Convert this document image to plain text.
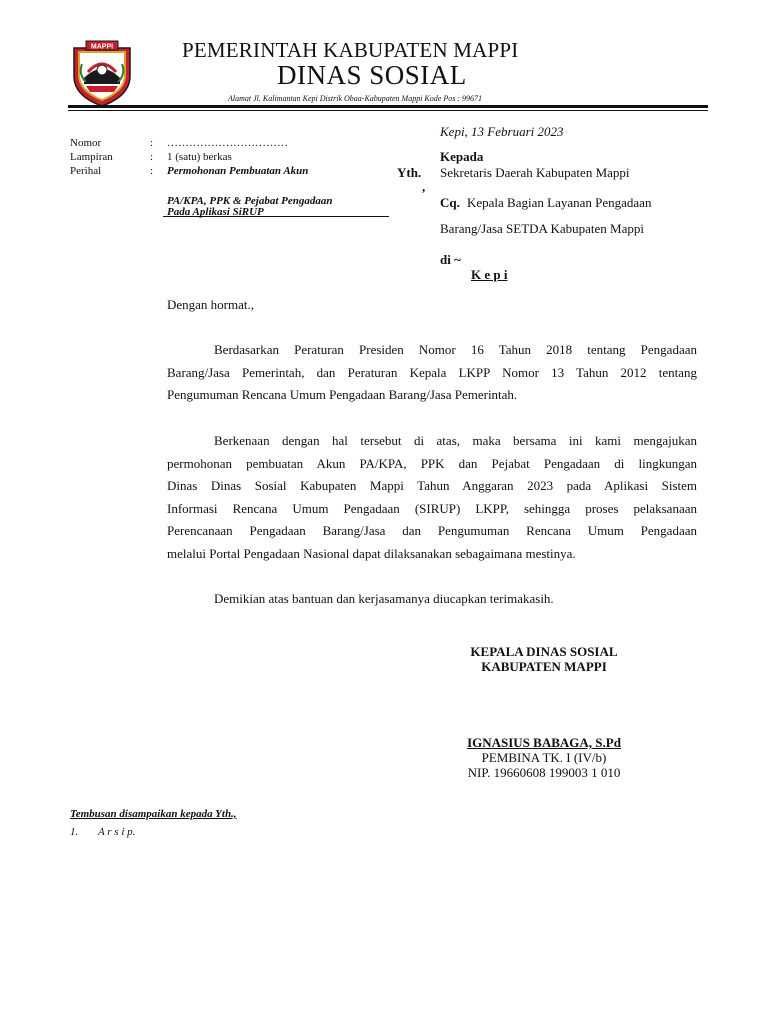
MAPPI	PEMERINTAH KABUPATEN MAPPI
DINAS SOSIAL
Alamat Jl. Kalimantan Kepi Distrik Obaa-Kabupaten Mappi Kode Pos : 99671
Nomor	: ……………………………
Lampiran	: 1 (satu) berkas
Perihal	: Permohonan Pembuatan Akun
PA/KPA, PPK & Pejabat Pengadaan
Pada Aplikasi SiRUP
Kepi, 13 Februari 2023
Kepada
Yth.
,
Sekretaris Daerah Kabupaten Mappi
Cq. Kepala Bagian Layanan Pengadaan
Barang/Jasa SETDA Kabupaten Mappi
di ~
K e p i
Dengan hormat.,
Berdasarkan Peraturan Presiden Nomor 16 Tahun 2018 tentang Pengadaan
Barang/Jasa Pemerintah, dan Peraturan Kepala LKPP Nomor 13 Tahun 2012 tentang
Pengumuman Rencana Umum Pengadaan Barang/Jasa Pemerintah.
Berkenaan dengan hal tersebut di atas, maka bersama ini kami mengajukan
permohonan pembuatan Akun PA/KPA, PPK dan Pejabat Pengadaan di lingkungan
Dinas Dinas Sosial Kabupaten Mappi Tahun Anggaran 2023 pada Aplikasi Sistem
Informasi Rencana Umum Pengadaan (SIRUP) LKPP, sehingga proses pelaksanaan
Perencanaan Pengadaan Barang/Jasa dan Pengumuman Rencana Umum Pengadaan
melalui Portal Pengadaan Nasional dapat dilaksanakan sebagaimana mestinya.
Demikian atas bantuan dan kerjasamanya diucapkan terimakasih.
KEPALA DINAS SOSIAL
KABUPATEN MAPPI
IGNASIUS BABAGA, S.Pd
PEMBINA TK. I (IV/b)
NIP. 19660608 199003 1 010
Tembusan disampaikan kepada Yth.,
1. A r s i p.
